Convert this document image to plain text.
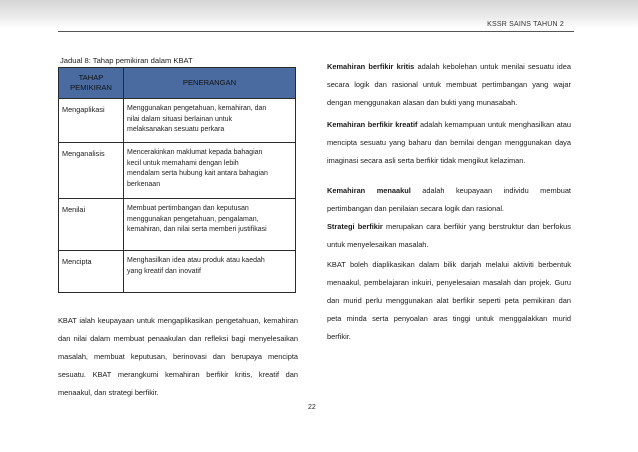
KSSR SAINS TAHUN 2
Jadual 8: Tahap pemikiran dalam KBAT
TAHAP
PEMIKIRAN	PENERANGAN
Mengaplikasi	Menggunakan pengetahuan, kemahiran, dan
nilai dalam situasi berlainan untuk
melaksanakan sesuatu perkara

Menganalisis	Mencerakinkan maklumat kepada bahagian
kecil untuk memahami dengan lebih
mendalam serta hubung kait antara bahagian
berkenaan

Menilai	Membuat pertimbangan dan keputusan
menggunakan pengetahuan, pengalaman,
kemahiran, dan nilai serta memberi justifikasi

Mencipta	Menghasilkan idea atau produk atau kaedah
yang kreatif dan inovatif
KBAT ialah keupayaan untuk mengaplikasikan pengetahuan, kemahiran dan nilai dalam membuat penaakulan dan refleksi bagi menyelesaikan masalah, membuat keputusan, berinovasi dan berupaya mencipta sesuatu. KBAT merangkumi kemahiran berfikir kritis, kreatif dan menaakul, dan strategi berfikir.
Kemahiran berfikir kritis adalah kebolehan untuk menilai sesuatu idea secara logik dan rasional untuk membuat pertimbangan yang wajar dengan menggunakan alasan dan bukti yang munasabah.
Kemahiran berfikir kreatif adalah kemampuan untuk menghasilkan atau mencipta sesuatu yang baharu dan bernilai dengan menggunakan daya imaginasi secara asli serta berfikir tidak mengikut kelaziman.
Kemahiran menaakul adalah keupayaan individu membuat pertimbangan dan penilaian secara logik dan rasional.
Strategi berfikir merupakan cara berfikir yang berstruktur dan berfokus untuk menyelesaikan masalah.
KBAT boleh diaplikasikan dalam bilik darjah melalui aktiviti berbentuk menaakul, pembelajaran inkuiri, penyelesaian masalah dan projek. Guru dan murid perlu menggunakan alat berfikir seperti peta pemikiran dan peta minda serta penyoalan aras tinggi untuk menggalakkan murid berfikir.
22
